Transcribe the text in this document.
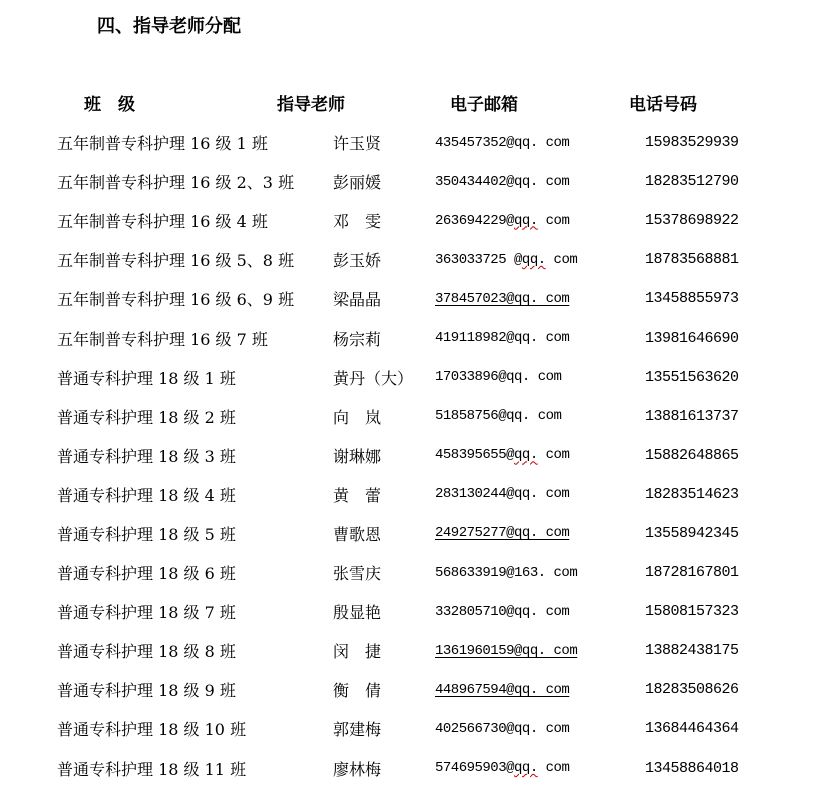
四、指导老师分配
班　级	指导老师	电子邮箱	电话号码
五年制普专科护理 16 级 1 班	许玉贤	435457352@qq. com	15983529939
五年制普专科护理 16 级 2、3 班	彭丽媛	350434402@qq. com	18283512790
五年制普专科护理 16 级 4 班	邓　雯	263694229@qq. com	15378698922
五年制普专科护理 16 级 5、8 班	彭玉娇	363033725 @qq. com	18783568881
五年制普专科护理 16 级 6、9 班	梁晶晶	378457023@qq. com	13458855973
五年制普专科护理 16 级 7 班	杨宗莉	419118982@qq. com	13981646690
普通专科护理 18 级 1 班	黄丹（大）	17033896@qq. com	13551563620
普通专科护理 18 级 2 班	向　岚	51858756@qq. com	13881613737
普通专科护理 18 级 3 班	谢琳娜	458395655@qq. com	15882648865
普通专科护理 18 级 4 班	黄　蕾	283130244@qq. com	18283514623
普通专科护理 18 级 5 班	曹歌恩	249275277@qq. com	13558942345
普通专科护理 18 级 6 班	张雪庆	568633919@163. com	18728167801
普通专科护理 18 级 7 班	殷显艳	332805710@qq. com	15808157323
普通专科护理 18 级 8 班	闵　捷	1361960159@qq. com	13882438175
普通专科护理 18 级 9 班	衡　倩	448967594@qq. com	18283508626
普通专科护理 18 级 10 班	郭建梅	402566730@qq. com	13684464364
普通专科护理 18 级 11 班	廖林梅	574695903@qq. com	13458864018
